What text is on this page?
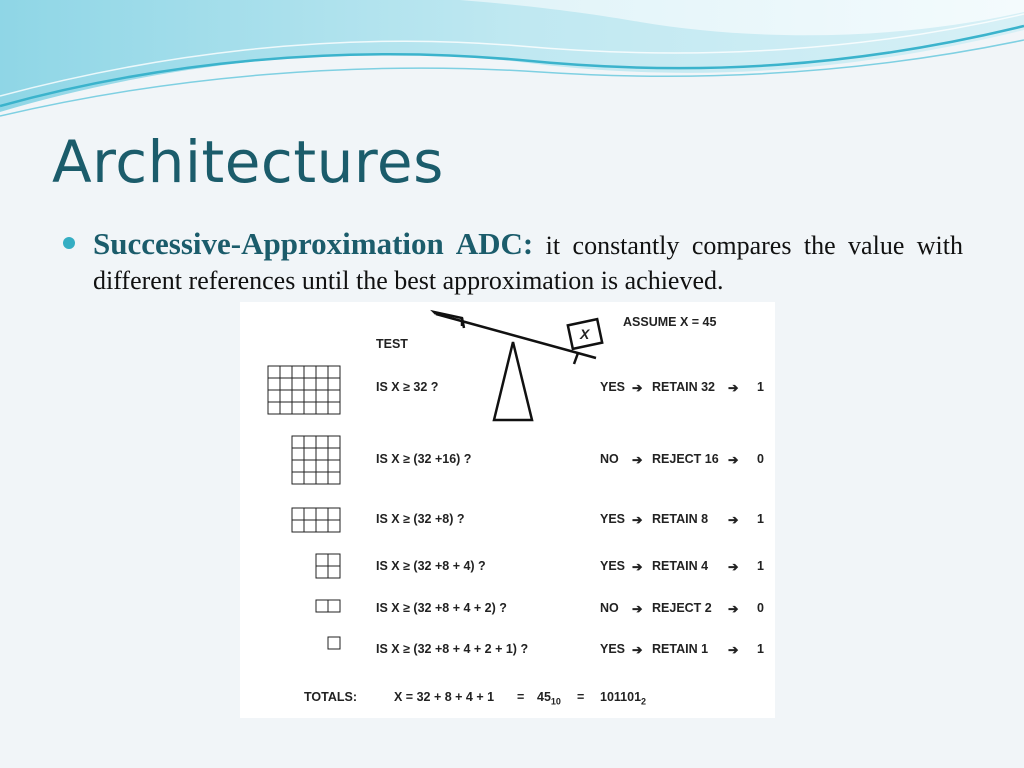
Architectures

Successive-Approximation ADC: it constantly compares the value with different references until the best approximation is achieved.

ASSUME X = 45
TEST
X
IS X ≥ 32 ?	YES ➔ RETAIN 32 ➔ 1
IS X ≥ (32 +16) ?	NO ➔ REJECT 16 ➔ 0
IS X ≥ (32 +8) ?	YES ➔ RETAIN 8 ➔ 1
IS X ≥ (32 +8 + 4) ?	YES ➔ RETAIN 4 ➔ 1
IS X ≥ (32 +8 + 4 + 2) ?	NO ➔ REJECT 2 ➔ 0
IS X ≥ (32 +8 + 4 + 2 + 1) ?	YES ➔ RETAIN 1 ➔ 1
TOTALS:	$X = 32 + 8 + 4 + 1 = 45_{10} = 101101_2$
